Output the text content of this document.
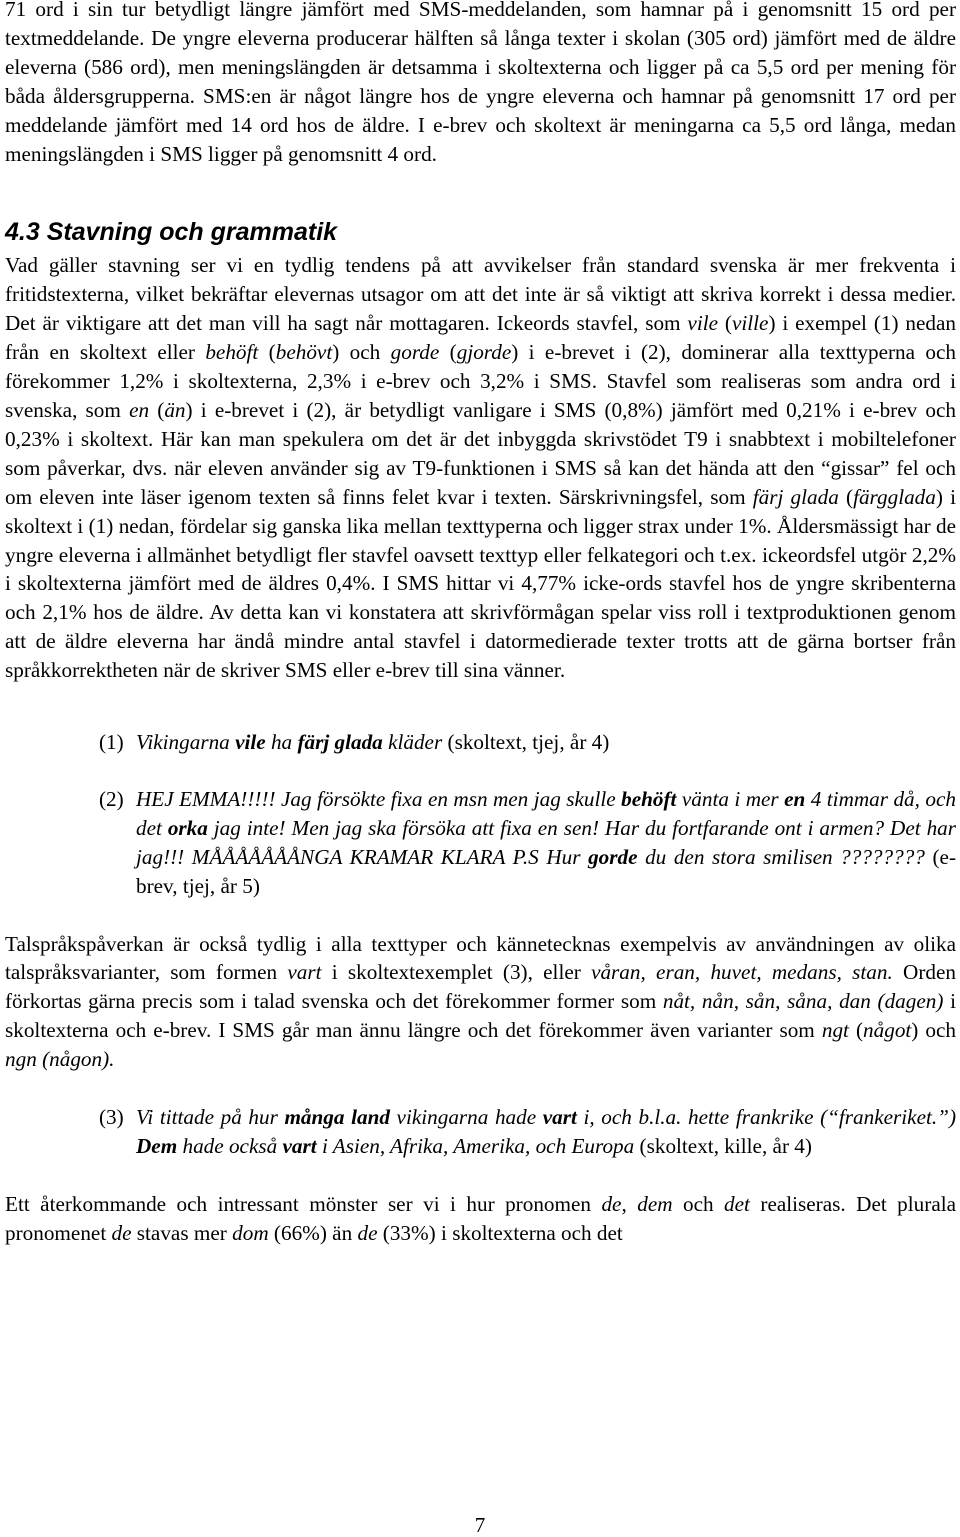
71 ord i sin tur betydligt längre jämfört med SMS-meddelanden, som hamnar på i genomsnitt 15 ord per textmeddelande. De yngre eleverna producerar hälften så långa texter i skolan (305 ord) jämfört med de äldre eleverna (586 ord), men meningslängden är detsamma i skoltexterna och ligger på ca 5,5 ord per mening för båda åldersgrupperna. SMS:en är något längre hos de yngre eleverna och hamnar på genomsnitt 17 ord per meddelande jämfört med 14 ord hos de äldre. I e-brev och skoltext är meningarna ca 5,5 ord långa, medan meningslängden i SMS ligger på genomsnitt 4 ord.

4.3 Stavning och grammatik

Vad gäller stavning ser vi en tydlig tendens på att avvikelser från standard svenska är mer frekventa i fritidstexterna, vilket bekräftar elevernas utsagor om att det inte är så viktigt att skriva korrekt i dessa medier. Det är viktigare att det man vill ha sagt når mottagaren. Ickeords stavfel, som vile (ville) i exempel (1) nedan från en skoltext eller behöft (behövt) och gorde (gjorde) i e-brevet i (2), dominerar alla texttyperna och förekommer 1,2% i skoltexterna, 2,3% i e-brev och 3,2% i SMS. Stavfel som realiseras som andra ord i svenska, som en (än) i e-brevet i (2), är betydligt vanligare i SMS (0,8%) jämfört med 0,21% i e-brev och 0,23% i skoltext. Här kan man spekulera om det är det inbyggda skrivstödet T9 i snabbtext i mobiltelefoner som påverkar, dvs. när eleven använder sig av T9-funktionen i SMS så kan det hända att den “gissar” fel och om eleven inte läser igenom texten så finns felet kvar i texten. Särskrivningsfel, som färj glada (färgglada) i skoltext i (1) nedan, fördelar sig ganska lika mellan texttyperna och ligger strax under 1%. Åldersmässigt har de yngre eleverna i allmänhet betydligt fler stavfel oavsett texttyp eller felkategori och t.ex. ickeordsfel utgör 2,2% i skoltexterna jämfört med de äldres 0,4%. I SMS hittar vi 4,77% icke-ords stavfel hos de yngre skribenterna och 2,1% hos de äldre. Av detta kan vi konstatera att skrivförmågan spelar viss roll i textproduktionen genom att de äldre eleverna har ändå mindre antal stavfel i datormedierade texter trotts att de gärna bortser från språkkorrektheten när de skriver SMS eller e-brev till sina vänner.

(1) Vikingarna vile ha färj glada kläder (skoltext, tjej, år 4)

(2) HEJ EMMA!!!!! Jag försökte fixa en msn men jag skulle behöft vänta i mer en 4 timmar då, och det orka jag inte! Men jag ska försöka att fixa en sen! Har du fortfarande ont i armen? Det har jag!!! MÅÅÅÅÅÅÅNGA KRAMAR KLARA P.S Hur gorde du den stora smilisen ???????? (e-brev, tjej, år 5)

Talspråkspåverkan är också tydlig i alla texttyper och kännetecknas exempelvis av användningen av olika talspråksvarianter, som formen vart i skoltextexemplet (3), eller våran, eran, huvet, medans, stan. Orden förkortas gärna precis som i talad svenska och det förekommer former som nåt, nån, sån, såna, dan (dagen) i skoltexterna och e-brev. I SMS går man ännu längre och det förekommer även varianter som ngt (något) och ngn (någon).

(3) Vi tittade på hur många land vikingarna hade vart i, och b.l.a. hette frankrike (“frankeriket.”) Dem hade också vart i Asien, Afrika, Amerika, och Europa (skoltext, kille, år 4)

Ett återkommande och intressant mönster ser vi i hur pronomen de, dem och det realiseras. Det plurala pronomenet de stavas mer dom (66%) än de (33%) i skoltexterna och det

7
